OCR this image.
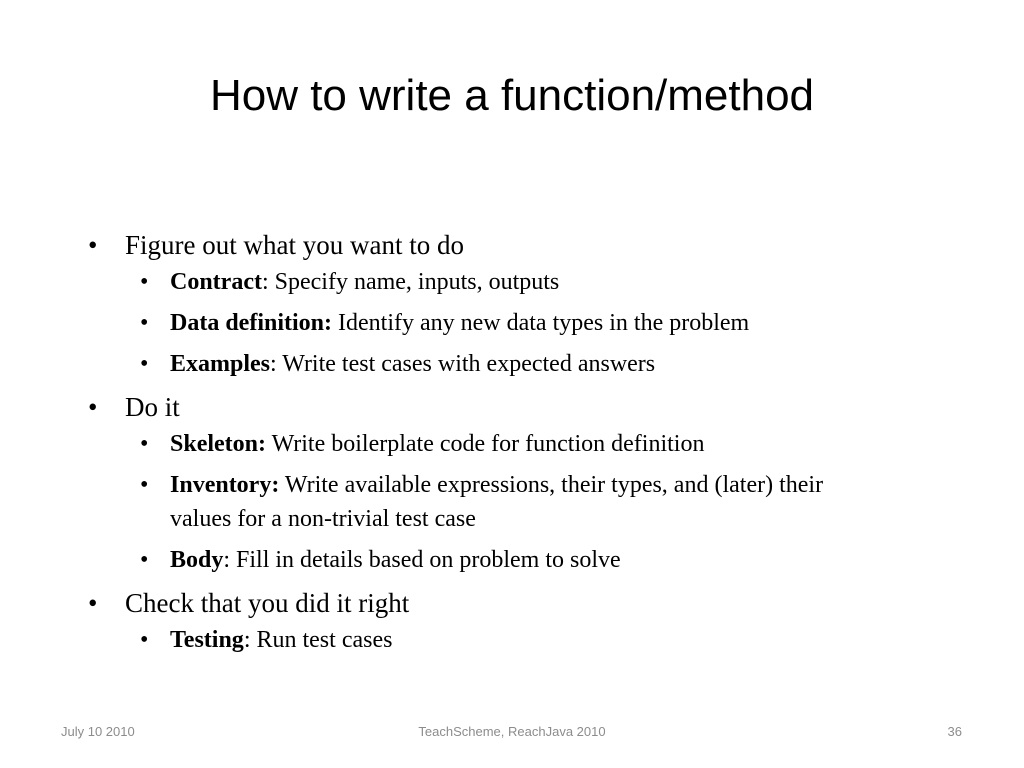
How to write a function/method
• Figure out what you want to do
• Contract: Specify name, inputs, outputs
• Data definition: Identify any new data types in the problem
• Examples: Write test cases with expected answers
• Do it
• Skeleton: Write boilerplate code for function definition
• Inventory: Write available expressions, their types, and (later) their values for a non-trivial test case
• Body: Fill in details based on problem to solve
• Check that you did it right
• Testing: Run test cases
July 10 2010	TeachScheme, ReachJava 2010	36
